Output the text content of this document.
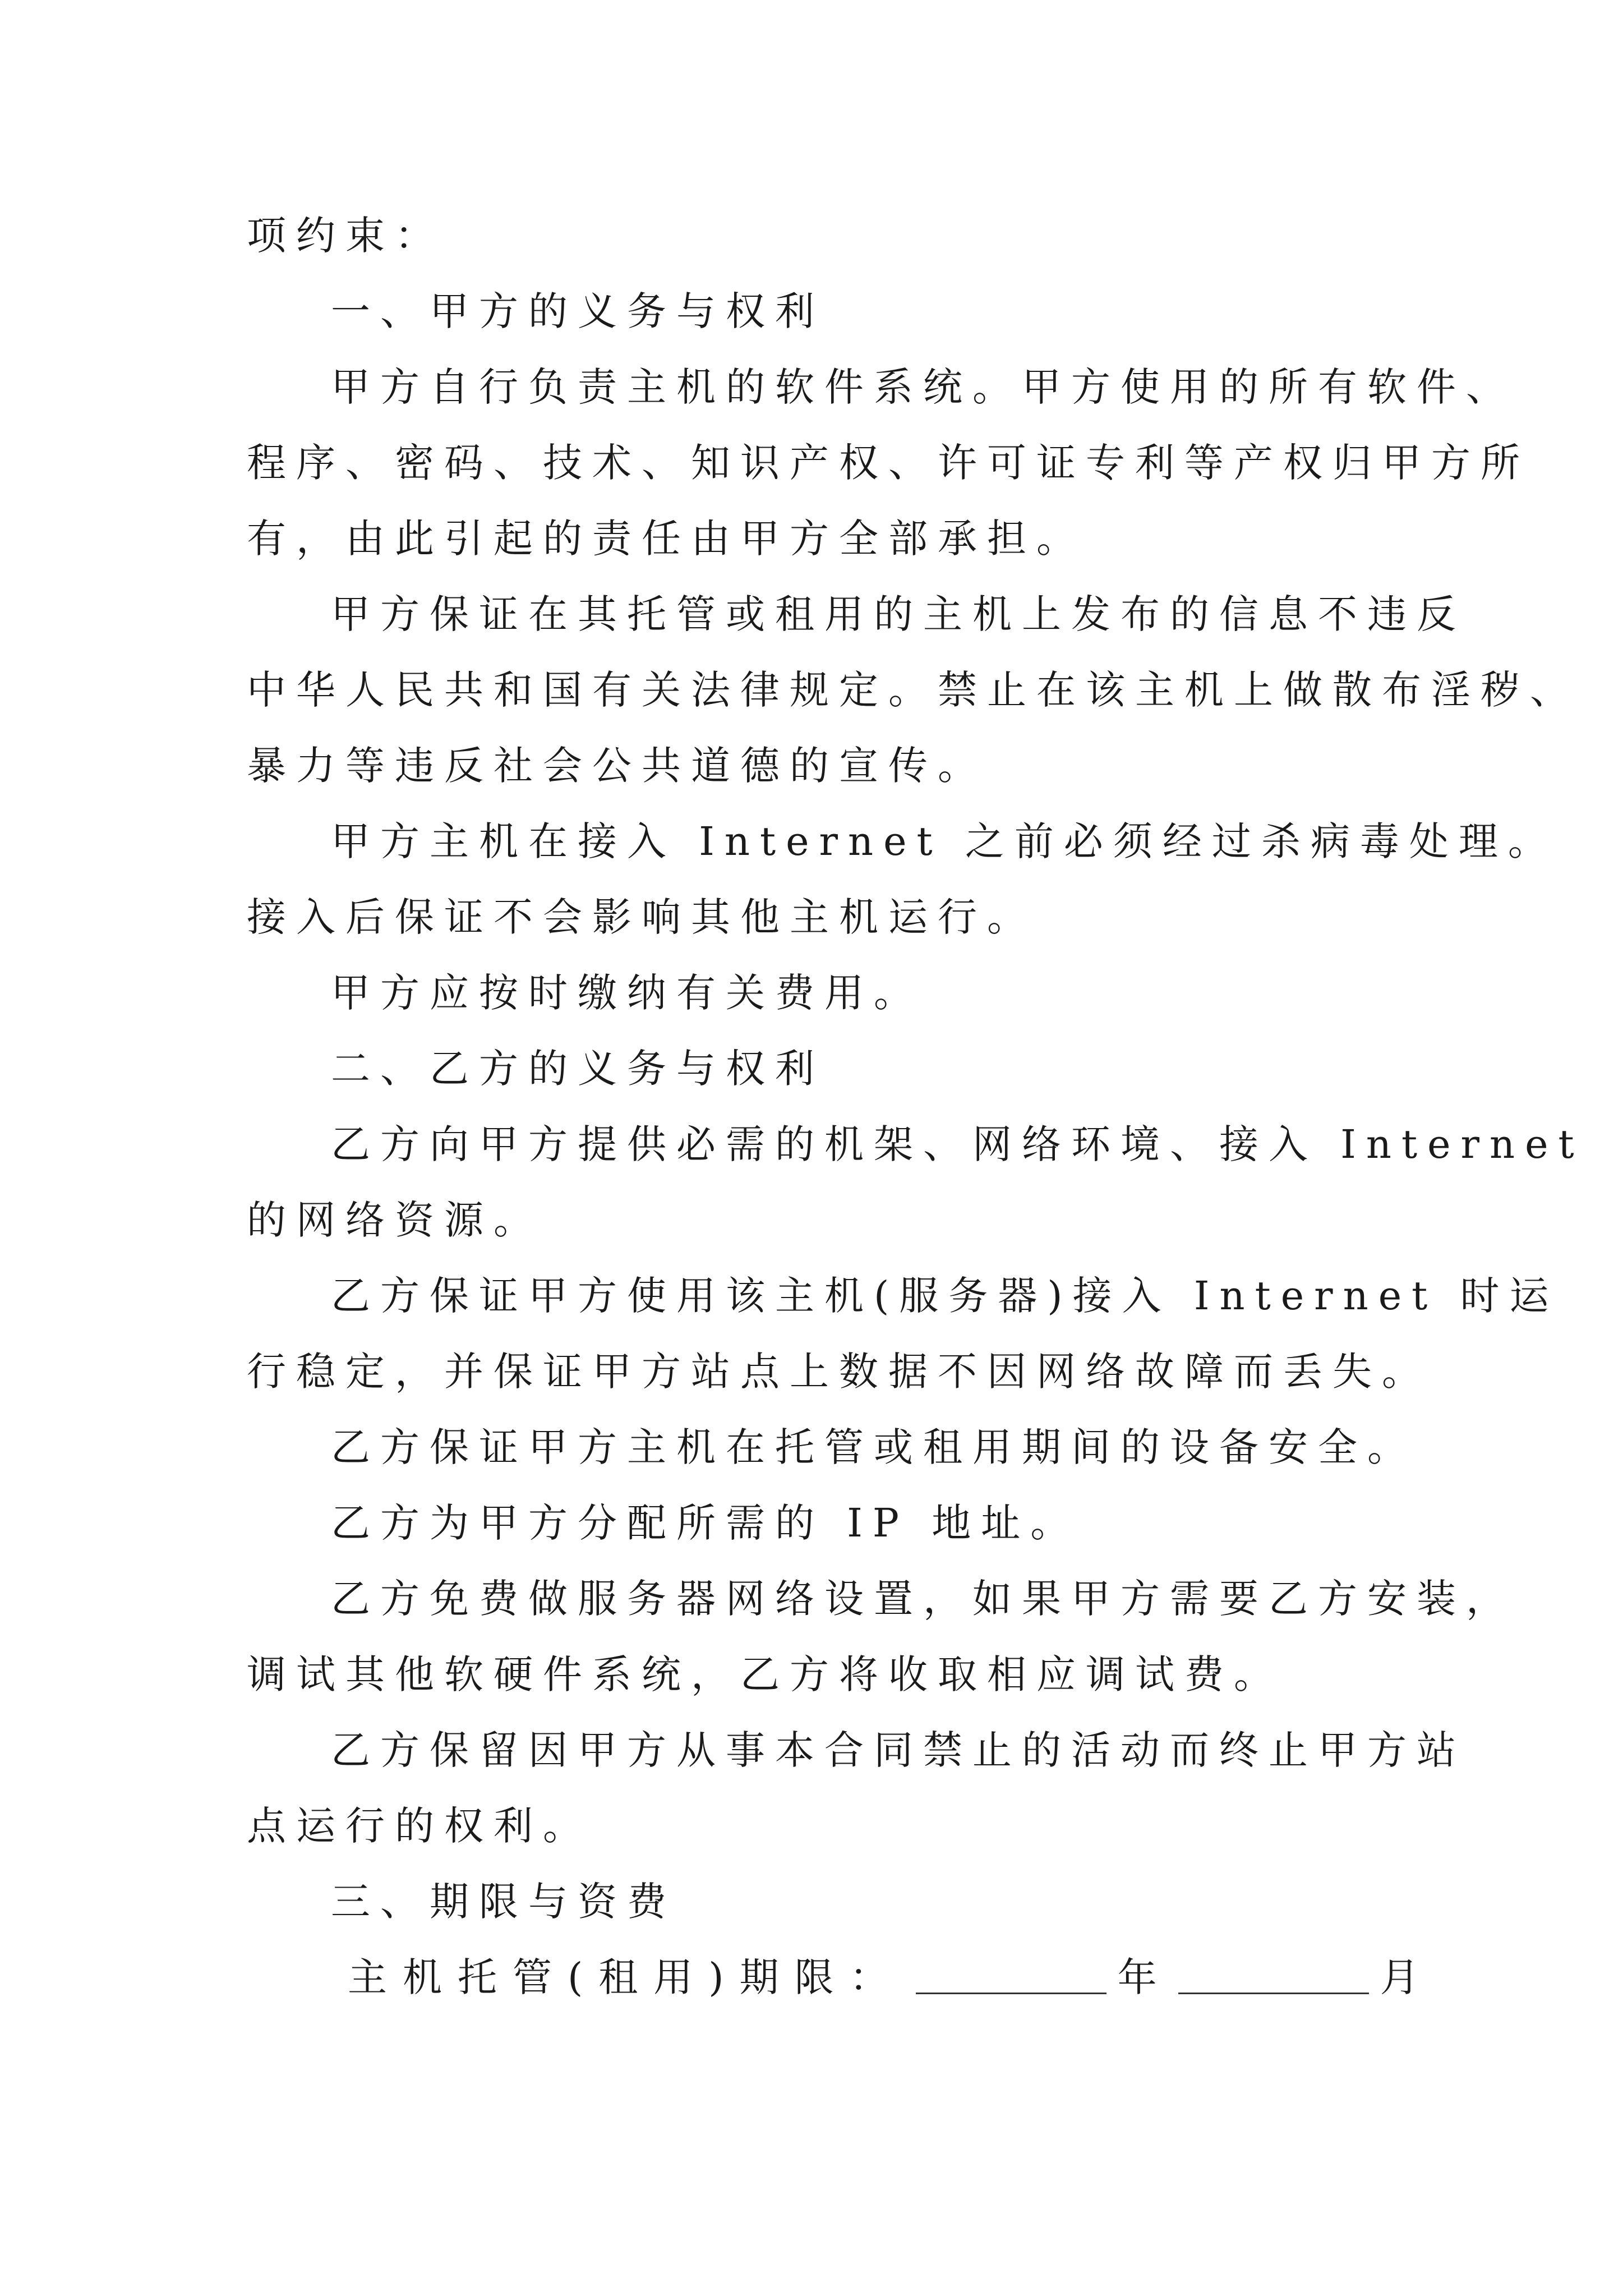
项约束：
一、甲方的义务与权利
甲方自行负责主机的软件系统。甲方使用的所有软件、
程序、密码、技术、知识产权、许可证专利等产权归甲方所
有，由此引起的责任由甲方全部承担。
甲方保证在其托管或租用的主机上发布的信息不违反
中华人民共和国有关法律规定。禁止在该主机上做散布淫秽、
暴力等违反社会公共道德的宣传。
甲方主机在接入 Internet 之前必须经过杀病毒处理。
接入后保证不会影响其他主机运行。
甲方应按时缴纳有关费用。
二、乙方的义务与权利
乙方向甲方提供必需的机架、网络环境、接入 Internet
的网络资源。
乙方保证甲方使用该主机(服务器)接入 Internet 时运
行稳定，并保证甲方站点上数据不因网络故障而丢失。
乙方保证甲方主机在托管或租用期间的设备安全。
乙方为甲方分配所需的 IP 地址。
乙方免费做服务器网络设置，如果甲方需要乙方安装，
调试其他软硬件系统，乙方将收取相应调试费。
乙方保留因甲方从事本合同禁止的活动而终止甲方站
点运行的权利。
三、期限与资费
主机托管(租用)期限：	年	月
